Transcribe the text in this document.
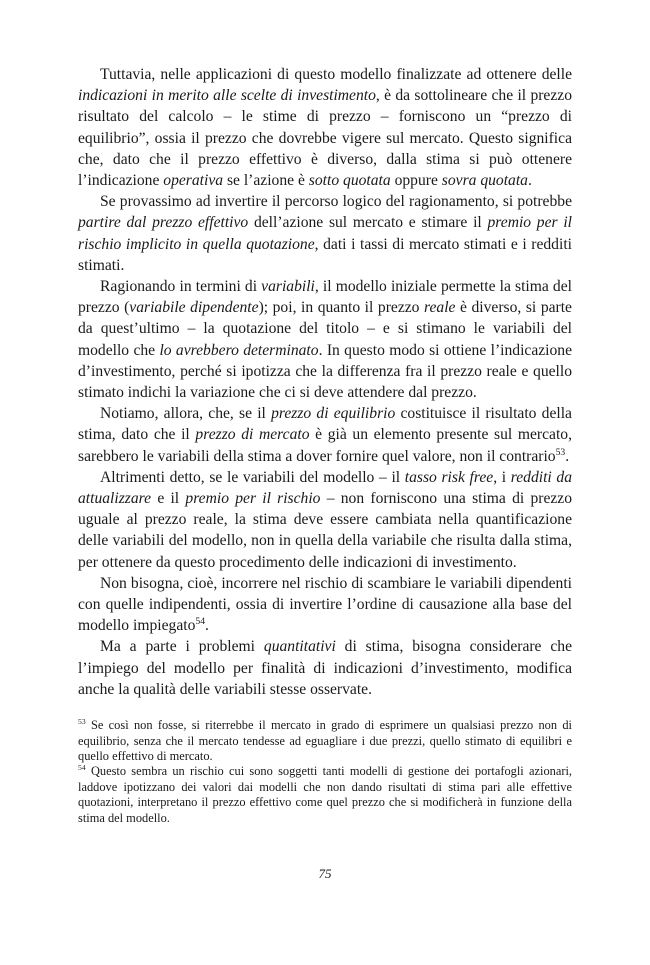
Tuttavia, nelle applicazioni di questo modello finalizzate ad ottenere delle indicazioni in merito alle scelte di investimento, è da sottolineare che il prezzo risultato del calcolo – le stime di prezzo – forniscono un “prezzo di equilibrio”, ossia il prezzo che dovrebbe vigere sul mercato. Questo significa che, dato che il prezzo effettivo è diverso, dalla stima si può ottenere l’indicazione operativa se l’azione è sotto quotata oppure sovra quotata.

Se provassimo ad invertire il percorso logico del ragionamento, si potrebbe partire dal prezzo effettivo dell’azione sul mercato e stimare il premio per il rischio implicito in quella quotazione, dati i tassi di mercato stimati e i redditi stimati.

Ragionando in termini di variabili, il modello iniziale permette la stima del prezzo (variabile dipendente); poi, in quanto il prezzo reale è diverso, si parte da quest’ultimo – la quotazione del titolo – e si stimano le variabili del modello che lo avrebbero determinato. In questo modo si ottiene l’indicazione d’investimento, perché si ipotizza che la differenza fra il prezzo reale e quello stimato indichi la variazione che ci si deve attendere dal prezzo.

Notiamo, allora, che, se il prezzo di equilibrio costituisce il risultato della stima, dato che il prezzo di mercato è già un elemento presente sul mercato, sarebbero le variabili della stima a dover fornire quel valore, non il contrario$^{53}$.

Altrimenti detto, se le variabili del modello – il tasso risk free, i redditi da attualizzare e il premio per il rischio – non forniscono una stima di prezzo uguale al prezzo reale, la stima deve essere cambiata nella quantificazione delle variabili del modello, non in quella della variabile che risulta dalla stima, per ottenere da questo procedimento delle indicazioni di investimento.

Non bisogna, cioè, incorrere nel rischio di scambiare le variabili dipendenti con quelle indipendenti, ossia di invertire l’ordine di causazione alla base del modello impiegato$^{54}$.

Ma a parte i problemi quantitativi di stima, bisogna considerare che l’impiego del modello per finalità di indicazioni d’investimento, modifica anche la qualità delle variabili stesse osservate.

$^{53}$ Se così non fosse, si riterrebbe il mercato in grado di esprimere un qualsiasi prezzo non di equilibrio, senza che il mercato tendesse ad eguagliare i due prezzi, quello stimato di equilibri e quello effettivo di mercato.

$^{54}$ Questo sembra un rischio cui sono soggetti tanti modelli di gestione dei portafogli azionari, laddove ipotizzano dei valori dai modelli che non dando risultati di stima pari alle effettive quotazioni, interpretano il prezzo effettivo come quel prezzo che si modificherà in funzione della stima del modello.

75
